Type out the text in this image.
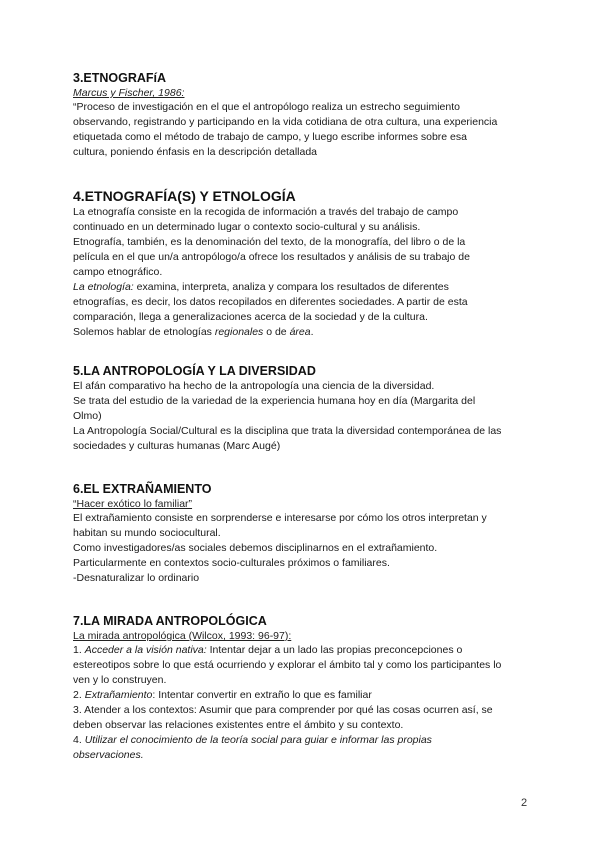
3.ETNOGRAFíA
Marcus y Fischer, 1986:

“Proceso de investigación en el que el antropólogo realiza un estrecho seguimiento

observando, registrando y participando en la vida cotidiana de otra cultura, una experiencia

etiquetada como el método de trabajo de campo, y luego escribe informes sobre esa

cultura, poniendo énfasis en la descripción detallada

4.ETNOGRAFÍA(S) Y ETNOLOGÍA

La etnografía consiste en la recogida de información a través del trabajo de campo

continuado en un determinado lugar o contexto socio-cultural y su análisis.

Etnografía, también, es la denominación del texto, de la monografía, del libro o de la

película en el que un/a antropólogo/a ofrece los resultados y análisis de su trabajo de

campo etnográfico.

La etnología: examina, interpreta, analiza y compara los resultados de diferentes

etnografías, es decir, los datos recopilados en diferentes sociedades. A partir de esta

comparación, llega a generalizaciones acerca de la sociedad y de la cultura.

Solemos hablar de etnologías regionales o de área.

5.LA ANTROPOLOGÍA Y LA DIVERSIDAD

El afán comparativo ha hecho de la antropología una ciencia de la diversidad.

Se trata del estudio de la variedad de la experiencia humana hoy en día (Margarita del

Olmo)

La Antropología Social/Cultural es la disciplina que trata la diversidad contemporánea de las

sociedades y culturas humanas (Marc Augé)

6.EL EXTRAÑAMIENTO
“Hacer exótico lo familiar”

El extrañamiento consiste en sorprenderse e interesarse por cómo los otros interpretan y

habitan su mundo sociocultural.

Como investigadores/as sociales debemos disciplinarnos en el extrañamiento.

Particularmente en contextos socio-culturales próximos o familiares.

-Desnaturalizar lo ordinario

7.LA MIRADA ANTROPOLÓGICA
La mirada antropológica (Wilcox, 1993: 96-97):

1. Acceder a la visión nativa: Intentar dejar a un lado las propias preconcepciones o

estereotipos sobre lo que está ocurriendo y explorar el ámbito tal y como los participantes lo

ven y lo construyen.

2. Extrañamiento: Intentar convertir en extraño lo que es familiar

3. Atender a los contextos: Asumir que para comprender por qué las cosas ocurren así, se

deben observar las relaciones existentes entre el ámbito y su contexto.

4. Utilizar el conocimiento de la teoría social para guiar e informar las propias

observaciones.

2
